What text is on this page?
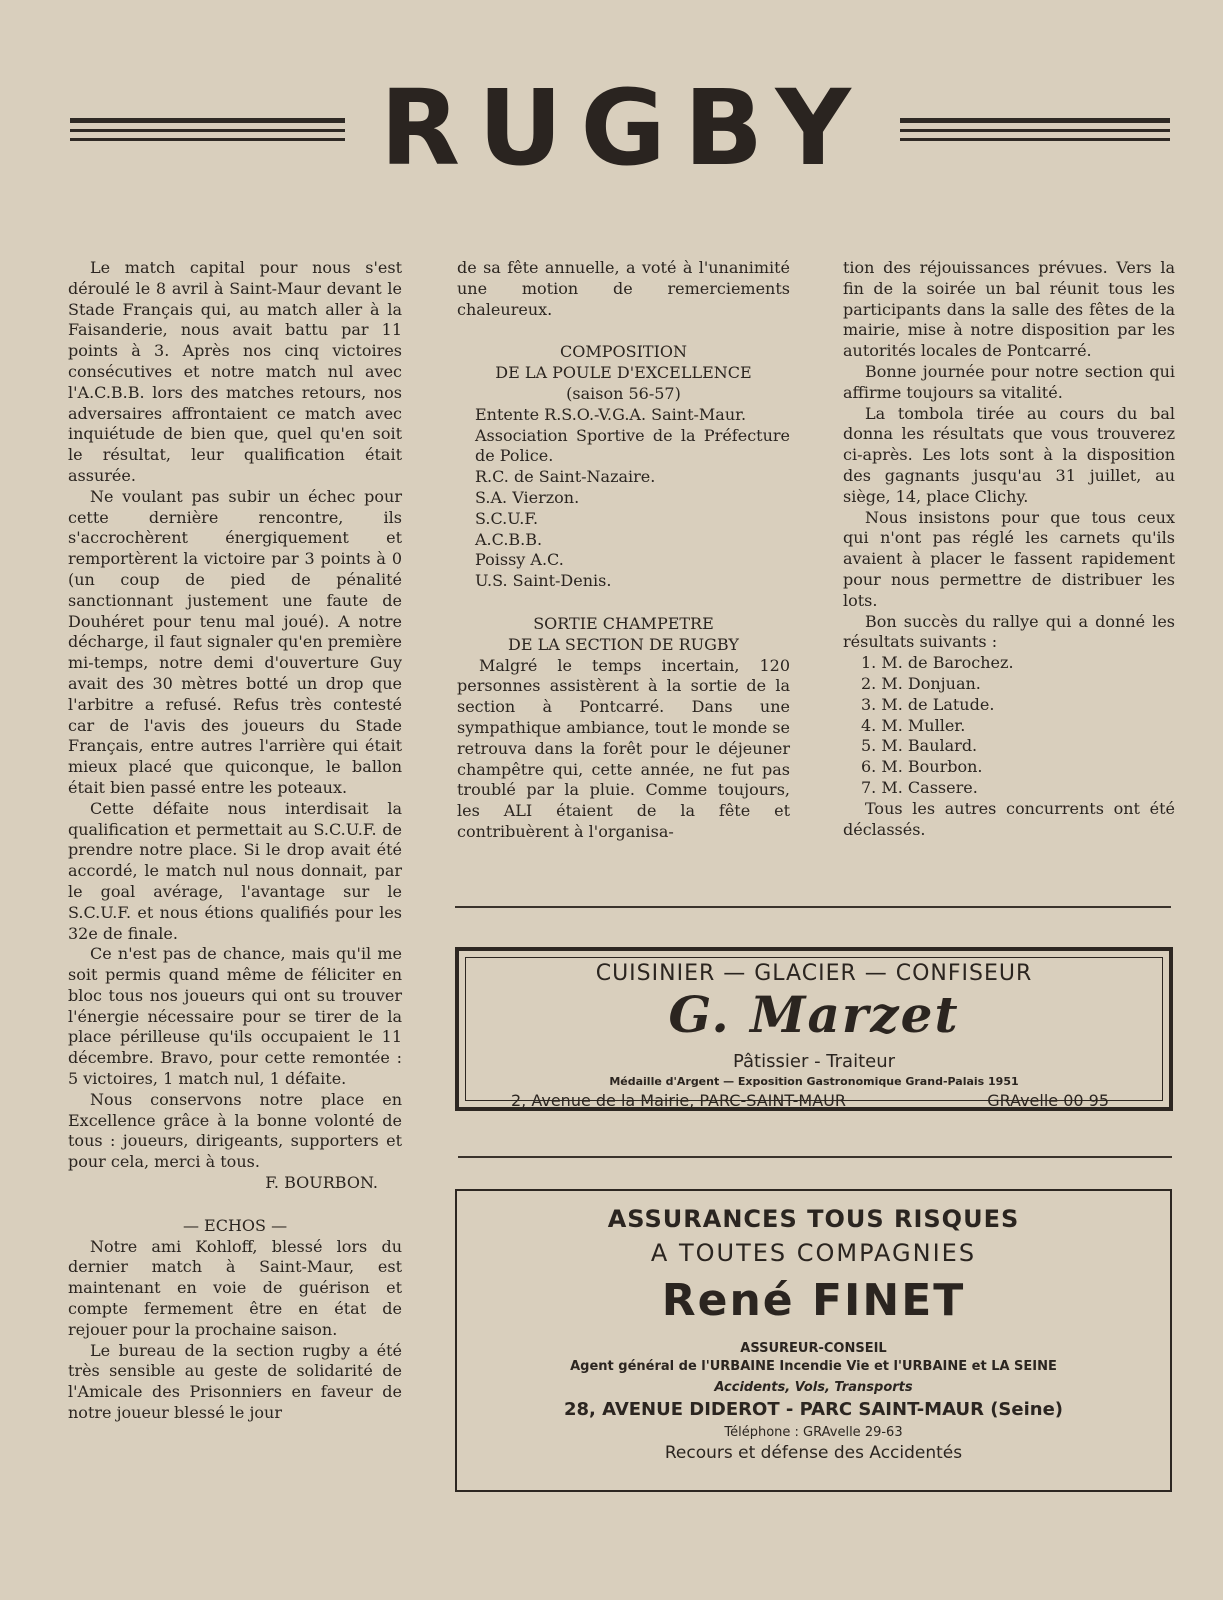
RUGBY

Le match capital pour nous s'est déroulé le 8 avril à Saint-Maur devant le Stade Français qui, au match aller à la Faisanderie, nous avait battu par 11 points à 3. Après nos cinq victoires consécutives et notre match nul avec l'A.C.B.B. lors des matches retours, nos adversaires affrontaient ce match avec inquiétude de bien que, quel qu'en soit le résultat, leur qualification était assurée.

Ne voulant pas subir un échec pour cette dernière rencontre, ils s'accrochèrent énergiquement et remportèrent la victoire par 3 points à 0 (un coup de pied de pénalité sanctionnant justement une faute de Douhéret pour tenu mal joué). A notre décharge, il faut signaler qu'en première mi-temps, notre demi d'ouverture Guy avait des 30 mètres botté un drop que l'arbitre a refusé. Refus très contesté car de l'avis des joueurs du Stade Français, entre autres l'arrière qui était mieux placé que quiconque, le ballon était bien passé entre les poteaux.

Cette défaite nous interdisait la qualification et permettait au S.C.U.F. de prendre notre place. Si le drop avait été accordé, le match nul nous donnait, par le goal avérage, l'avantage sur le S.C.U.F. et nous étions qualifiés pour les 32e de finale.

Ce n'est pas de chance, mais qu'il me soit permis quand même de féliciter en bloc tous nos joueurs qui ont su trouver l'énergie nécessaire pour se tirer de la place périlleuse qu'ils occupaient le 11 décembre. Bravo, pour cette remontée : 5 victoires, 1 match nul, 1 défaite.

Nous conservons notre place en Excellence grâce à la bonne volonté de tous : joueurs, dirigeants, supporters et pour cela, merci à tous.

F. BOURBON.

— ECHOS —

Notre ami Kohloff, blessé lors du dernier match à Saint-Maur, est maintenant en voie de guérison et compte fermement être en état de rejouer pour la prochaine saison.

Le bureau de la section rugby a été très sensible au geste de solidarité de l'Amicale des Prisonniers en faveur de notre joueur blessé le jour

de sa fête annuelle, a voté à l'unanimité une motion de remerciements chaleureux.

COMPOSITION

DE LA POULE D'EXCELLENCE

(saison 56-57)

Entente R.S.O.-V.G.A. Saint-Maur.
Association Sportive de la Préfecture de Police.
R.C. de Saint-Nazaire.
S.A. Vierzon.
S.C.U.F.
A.C.B.B.
Poissy A.C.
U.S. Saint-Denis.

SORTIE CHAMPETRE

DE LA SECTION DE RUGBY

Malgré le temps incertain, 120 personnes assistèrent à la sortie de la section à Pontcarré. Dans une sympathique ambiance, tout le monde se retrouva dans la forêt pour le déjeuner champêtre qui, cette année, ne fut pas troublé par la pluie. Comme toujours, les ALI étaient de la fête et contribuèrent à l'organisa-

tion des réjouissances prévues. Vers la fin de la soirée un bal réunit tous les participants dans la salle des fêtes de la mairie, mise à notre disposition par les autorités locales de Pontcarré.

Bonne journée pour notre section qui affirme toujours sa vitalité.

La tombola tirée au cours du bal donna les résultats que vous trouverez ci-après. Les lots sont à la disposition des gagnants jusqu'au 31 juillet, au siège, 14, place Clichy.

Nous insistons pour que tous ceux qui n'ont pas réglé les carnets qu'ils avaient à placer le fassent rapidement pour nous permettre de distribuer les lots.

Bon succès du rallye qui a donné les résultats suivants :

1. M. de Barochez.
2. M. Donjuan.
3. M. de Latude.
4. M. Muller.
5. M. Baulard.
6. M. Bourbon.
7. M. Cassere.

Tous les autres concurrents ont été déclassés.

CUISINIER — GLACIER — CONFISEUR
G. Marzet
Pâtissier - Traiteur
Médaille d'Argent — Exposition Gastronomique Grand-Palais 1951
2, Avenue de la Mairie, PARC-SAINT-MAUR	GRAvelle 00 95
ASSURANCES TOUS RISQUES
A TOUTES COMPAGNIES
René FINET
ASSUREUR-CONSEIL
Agent général de l'URBAINE Incendie Vie et l'URBAINE et LA SEINE
Accidents, Vols, Transports
28, AVENUE DIDEROT - PARC SAINT-MAUR (Seine)
Téléphone : GRAvelle 29-63
Recours et défense des Accidentés
